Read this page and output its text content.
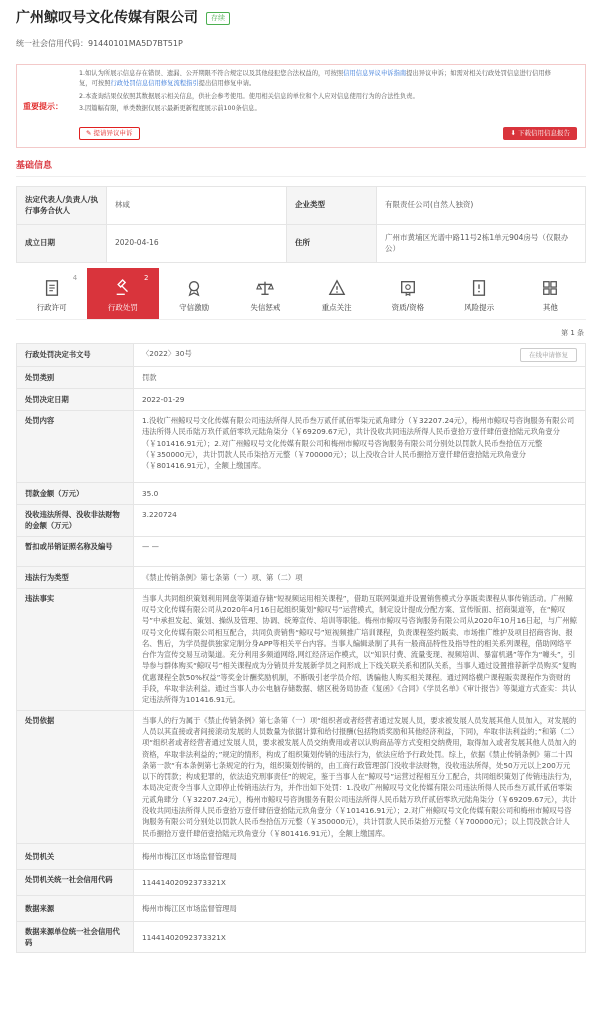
广州鲸叹号文化传媒有限公司	存续
统一社会信用代码：91440101MA5D7BT51P
重要提示：

1.如认为所展示信息存在错误、遗漏、公开期限不符合规定以及其他侵犯您合法权益的，可按照信用信息异议申诉指南提出异议申诉；如需对相关行政处罚信息进行信用修复，可按照行政处罚信息信用修复流程指引提出信用修复申请。

2.本查询结果仅依照其数据展示相关信息，供社会参考使用。使用相关信息的单位和个人应对信息使用行为的合法性负责。

3.因篇幅有限，单类数据仅展示最新更新程度展示前100条信息。

✎ 提请异议申诉	⬇ 下载信用信息报告
基础信息
法定代表人/负责人/执行事务合伙人	林咸	企业类型	有限责任公司(自然人独资)
成立日期	2020-04-16	住所	广州市黄埔区光谱中路11号2栋1单元904房号（仅限办公）
4
行政许可
2
行政处罚	守信激励	失信惩戒	重点关注	资质/资格	风险提示	其他
第 1 条
行政处罚决定书文号	〈2022〉30号 在线申请修复

处罚类别	罚款
处罚决定日期	2022-01-29
处罚内容	1.没收广州鲸叹号文化传媒有限公司违法所得人民币叁万贰仟贰佰零柒元贰角肆分（￥32207.24元），梅州市鲸叹号咨询服务有限公司违法所得人民币陆万玖仟贰佰零玖元陆角柒分（￥69209.67元），共计没收共同违法所得人民币壹拾万壹仟肆佰壹拾陆元玖角壹分（￥101416.91元）；2.对广州鲸叹号文化传媒有限公司和梅州市鲸叹号咨询服务有限公司分别处以罚款人民币叁拾伍万元整（￥350000元），共计罚款人民币柒拾万元整（￥700000元）；以上没收合计人民币捌拾万壹仟肆佰壹拾陆元玖角壹分（￥801416.91元），全额上缴国库。
罚款金额（万元）	35.0
没收违法所得、没收非法财物的金额（万元）	3.220724
暂扣或吊销证照名称及编号	— —
违法行为类型	《禁止传销条例》第七条第（一）项、第（二）项
违法事实	当事人共同组织策划利用网盘等渠道存储“短视频运用相关课程”，借助互联网渠道并设置销售模式分享販卖课程从事传销活动。广州鲸叹号文化传媒有限公司从2020年4月16日起组织策划“鲸叹号”运营模式，制定设计提成分配方案、宣传版面、招商渠道等，在“鲸叹号”中承担发起、策划、操纵及管理、协调、统筹宣传、培训等职能。梅州市鲸叹号咨询服务有限公司从2020年10月16日起，与广州鲸叹号文化传媒有限公司相互配合，共同负责销售“鲸叹号”短视频推广培训课程，负责课程签约販卖、市场推广维护及项目招商咨询、报名、售后，为学员提供独家定制分身APP等相关平台内容。当事人编辑录制了具有一般商品特性及指导性的相关系列课程，借助网络平台作为宣传交易互动渠道。充分利用多频道网络,网红经济运作模式，以“知识付费、流量变现、视频培训、暴富机遇”等作为“噱头”，引导参与群体购买“鲸叹号”相关课程成为分销员并发展新学员之间形成上下线关联关系和团队关系，当事人通过设置推荐新学员购买“复购优惠课程全款50%权益”等奖金计酬奖励机制，不断吸引老学员介绍、诱骗他人购买相关课程。通过网络横户课程販卖课程作为资财的手段，牟取非法利益。通过当事人办公电脑存储数据、辖区税务局协查《复函》《合同》《学员名单》《审计报告》等渠道方式查实：共认定违法所得为101416.91元。
处罚依据	当事人的行为属于《禁止传销条例》第七条第（一）项“组织者或者经营者通过发展人员，要求被发展人员发展其他人员加入，对发展的人员以其直接或者间接滚动发展的人员数量为依据计算和给付报酬(包括物质奖励和其他经济利益，下同)，牟取非法利益的；”和第（二）项“组织者或者经营者通过发展人员，要求被发展人员交纳费用或者以认购商品等方式变相交纳费用，取得加入或者发展其他人员加入的资格，牟取非法利益的；”规定的情形，构成了组织策划传销的违法行为，依法应给予行政处罚。综上，依据《禁止传销条例》第二十四条第一款“有本条例第七条规定的行为，组织策划传销的，由工商行政管理部门没收非法财物，没收违法所得，处50万元以上200万元以下的罚款；构成犯罪的，依法追究刑事责任”的规定，鉴于当事人在“鲸叹号”运营过程相互分工配合，共同组织策划了传销违法行为，本局决定责令当事人立即停止传销违法行为，并作出如下处罚：1.没收广州鲸叹号文化传媒有限公司违法所得人民币叁万贰仟贰佰零柒元贰角肆分（￥32207.24元），梅州市鲸叹号咨询服务有限公司违法所得人民币陆万玖仟贰佰零玖元陆角柒分（￥69209.67元），共计没收共同违法所得人民币壹拾万壹仟肆佰壹拾陆元玖角壹分（￥101416.91元）；2.对广州鲸叹号文化传媒有限公司和梅州市鲸叹号咨询服务有限公司分别处以罚款人民币叁拾伍万元整（￥350000元），共计罚款人民币柒拾万元整（￥700000元）；以上罚没款合计人民币捌拾万壹仟肆佰壹拾陆元玖角壹分（￥801416.91元），全额上缴国库。
处罚机关	梅州市梅江区市场监督管理局
处罚机关统一社会信用代码	11441402092373321X
数据来源	梅州市梅江区市场监督管理局
数据来源单位统一社会信用代码	11441402092373321X
